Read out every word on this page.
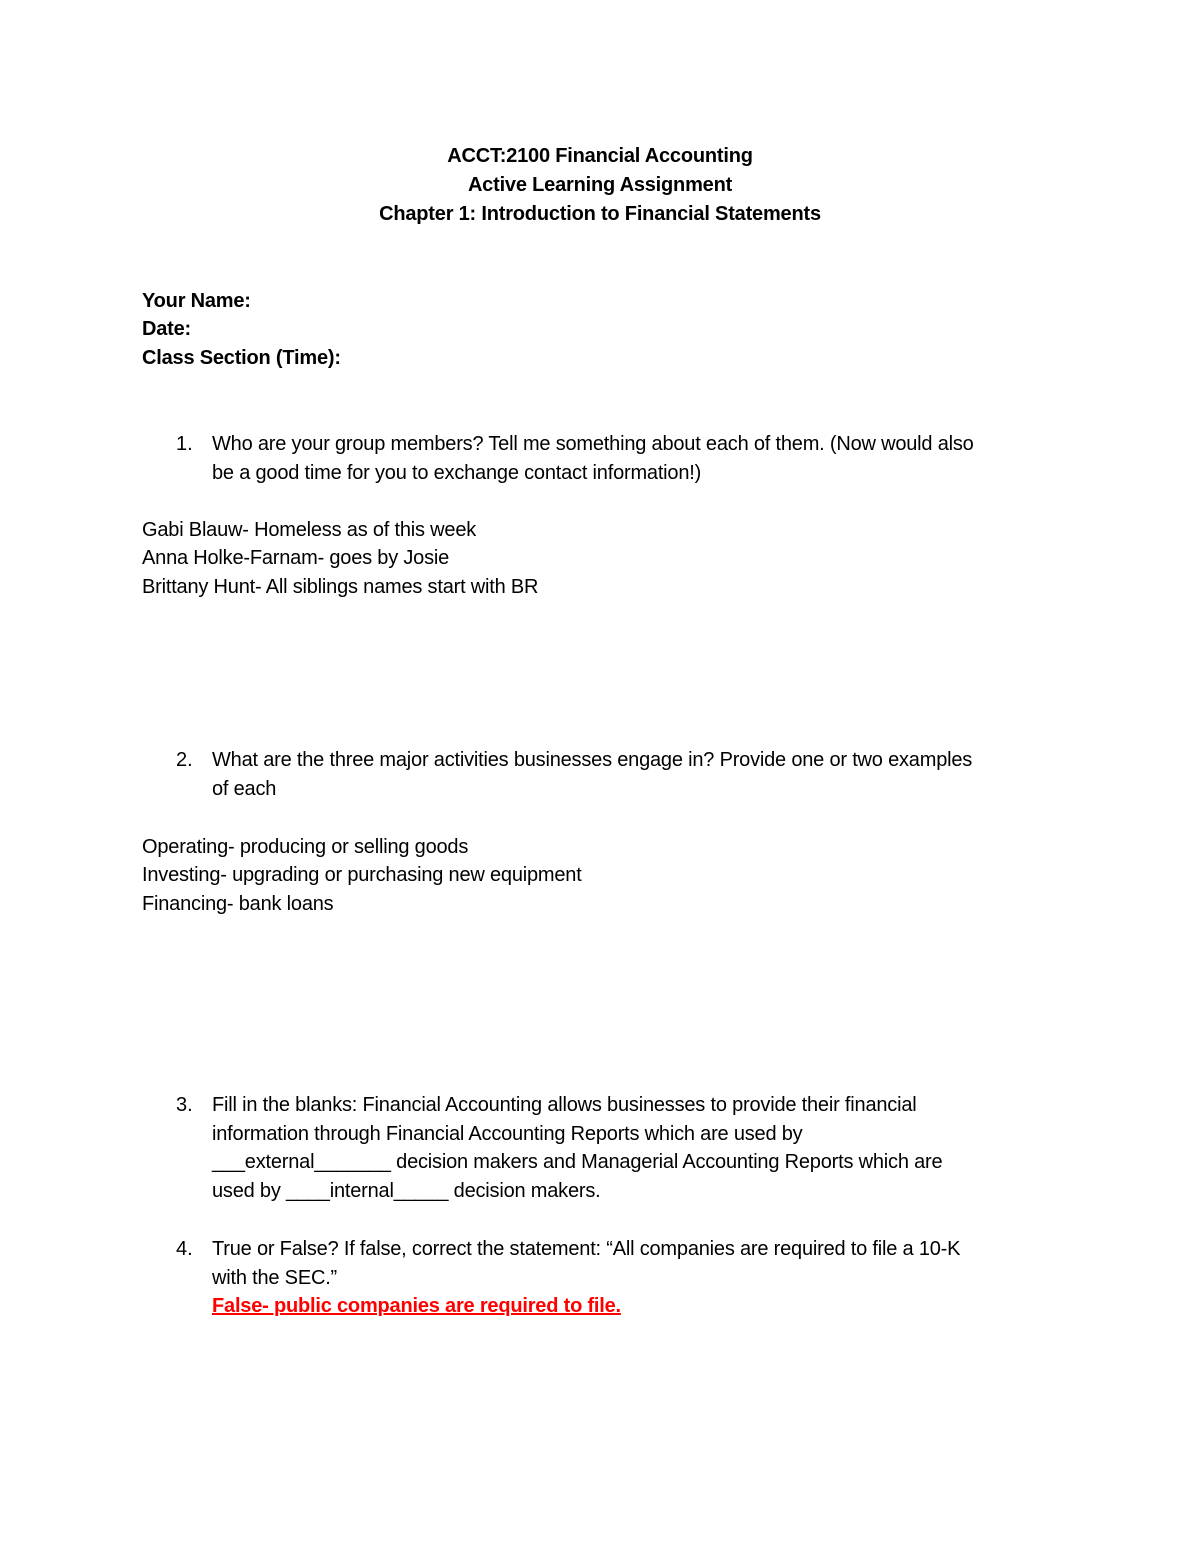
ACCT:2100 Financial Accounting
Active Learning Assignment
Chapter 1: Introduction to Financial Statements
Your Name:
Date:
Class Section (Time):
1. Who are your group members? Tell me something about each of them. (Now would also
be a good time for you to exchange contact information!)
Gabi Blauw- Homeless as of this week
Anna Holke-Farnam- goes by Josie
Brittany Hunt- All siblings names start with BR
2. What are the three major activities businesses engage in? Provide one or two examples
of each
Operating- producing or selling goods
Investing- upgrading or purchasing new equipment
Financing- bank loans
3. Fill in the blanks: Financial Accounting allows businesses to provide their financial
information through Financial Accounting Reports which are used by
___external_______ decision makers and Managerial Accounting Reports which are
used by ____internal_____ decision makers.
4. True or False? If false, correct the statement: “All companies are required to file a 10-K
with the SEC.”
False- public companies are required to file.
